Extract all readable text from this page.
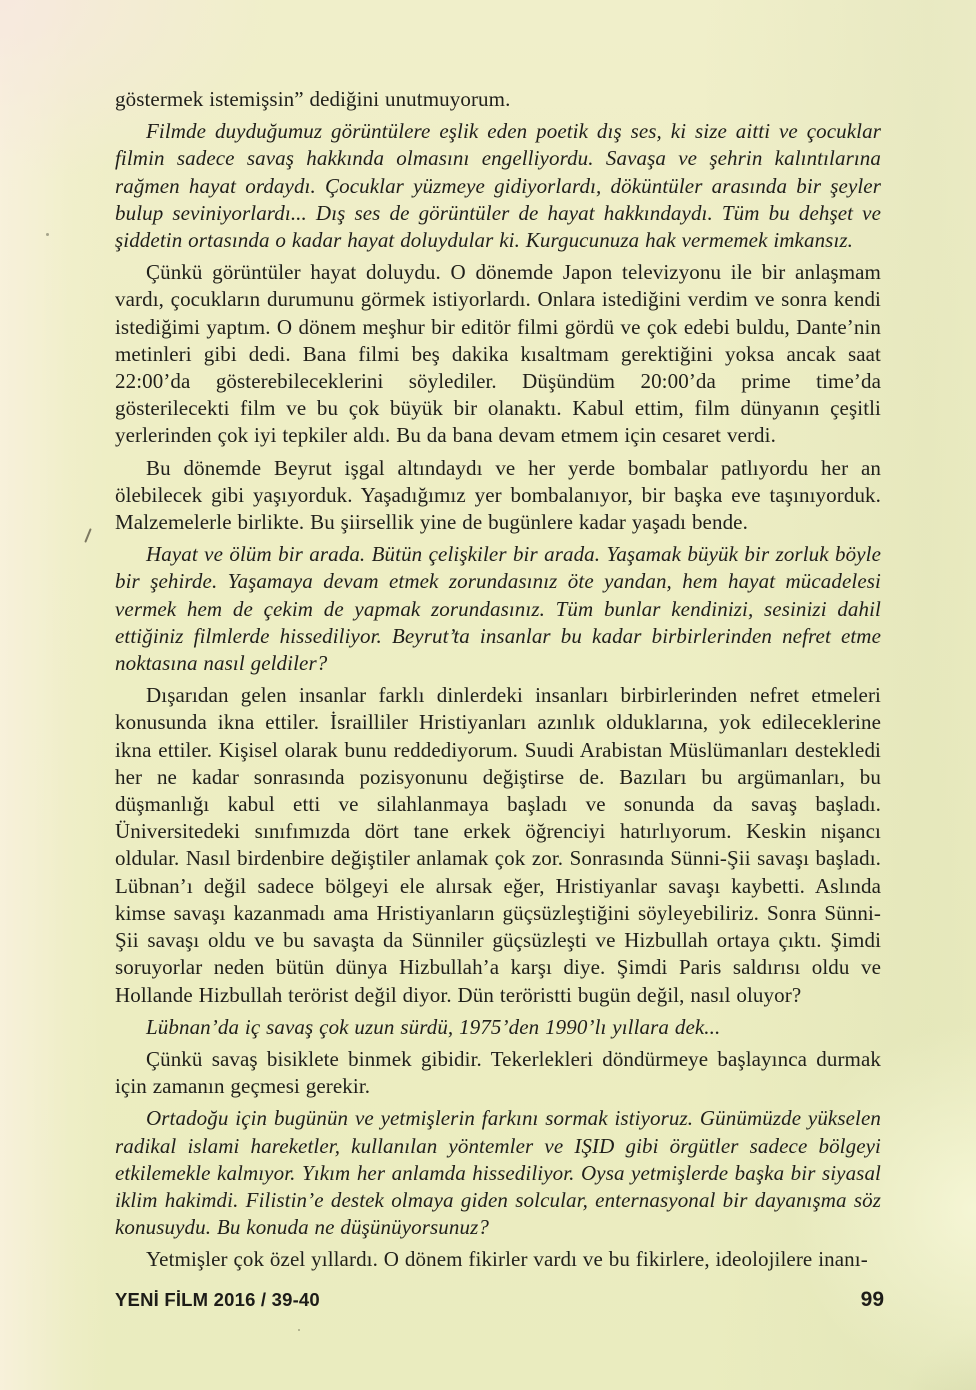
göstermek istemişsin” dediğini unutmuyorum.

Filmde duyduğumuz görüntülere eşlik eden poetik dış ses, ki size aitti ve çocuklar filmin sadece savaş hakkında olmasını engelliyordu. Savaşa ve şehrin kalıntılarına rağmen hayat ordaydı. Çocuklar yüzmeye gidiyorlardı, döküntüler arasında bir şeyler bulup seviniyorlardı... Dış ses de görüntüler de hayat hakkındaydı. Tüm bu dehşet ve şiddetin ortasında o kadar hayat doluydular ki. Kurgucunuza hak vermemek imkansız.

Çünkü görüntüler hayat doluydu. O dönemde Japon televizyonu ile bir anlaşmam vardı, çocukların durumunu görmek istiyorlardı. Onlara istediğini verdim ve sonra kendi istediğimi yaptım. O dönem meşhur bir editör filmi gördü ve çok edebi buldu, Dante’nin metinleri gibi dedi. Bana filmi beş dakika kısaltmam gerektiğini yoksa ancak saat 22:00’da gösterebileceklerini söylediler. Düşündüm 20:00’da prime time’da gösterilecekti film ve bu çok büyük bir olanaktı. Kabul ettim, film dünyanın çeşitli yerlerinden çok iyi tepkiler aldı. Bu da bana devam etmem için cesaret verdi.

Bu dönemde Beyrut işgal altındaydı ve her yerde bombalar patlıyordu her an ölebilecek gibi yaşıyorduk. Yaşadığımız yer bombalanıyor, bir başka eve taşınıyorduk. Malzemelerle birlikte. Bu şiirsellik yine de bugünlere kadar yaşadı bende.

Hayat ve ölüm bir arada. Bütün çelişkiler bir arada. Yaşamak büyük bir zorluk böyle bir şehirde. Yaşamaya devam etmek zorundasınız öte yandan, hem hayat mücadelesi vermek hem de çekim de yapmak zorundasınız. Tüm bunlar kendinizi, sesinizi dahil ettiğiniz filmlerde hissediliyor. Beyrut’ta insanlar bu kadar birbirlerinden nefret etme noktasına nasıl geldiler?

Dışarıdan gelen insanlar farklı dinlerdeki insanları birbirlerinden nefret etmeleri konusunda ikna ettiler. İsrailliler Hristiyanları azınlık olduklarına, yok edileceklerine ikna ettiler. Kişisel olarak bunu reddediyorum. Suudi Arabistan Müslümanları destekledi her ne kadar sonrasında pozisyonunu değiştirse de. Bazıları bu argümanları, bu düşmanlığı kabul etti ve silahlanmaya başladı ve sonunda da savaş başladı. Üniversitedeki sınıfımızda dört tane erkek öğrenciyi hatırlıyorum. Keskin nişancı oldular. Nasıl birdenbire değiştiler anlamak çok zor. Sonrasında Sünni-Şii savaşı başladı. Lübnan’ı değil sadece bölgeyi ele alırsak eğer, Hristiyanlar savaşı kaybetti. Aslında kimse savaşı kazanmadı ama Hristiyanların güçsüzleştiğini söyleyebiliriz. Sonra Sünni-Şii savaşı oldu ve bu savaşta da Sünniler güçsüzleşti ve Hizbullah ortaya çıktı. Şimdi soruyorlar neden bütün dünya Hizbullah’a karşı diye. Şimdi Paris saldırısı oldu ve Hollande Hizbullah terörist değil diyor. Dün teröristti bugün değil, nasıl oluyor?

Lübnan’da iç savaş çok uzun sürdü, 1975’den 1990’lı yıllara dek...

Çünkü savaş bisiklete binmek gibidir. Tekerlekleri döndürmeye başlayınca durmak için zamanın geçmesi gerekir.

Ortadoğu için bugünün ve yetmişlerin farkını sormak istiyoruz. Günümüzde yükselen radikal islami hareketler, kullanılan yöntemler ve IŞID gibi örgütler sadece bölgeyi etkilemekle kalmıyor. Yıkım her anlamda hissediliyor. Oysa yetmişlerde başka bir siyasal iklim hakimdi. Filistin’e destek olmaya giden solcular, enternasyonal bir dayanışma söz konusuydu. Bu konuda ne düşünüyorsunuz?

Yetmişler çok özel yıllardı. O dönem fikirler vardı ve bu fikirlere, ideolojilere inanı-

YENİ FİLM 2016 / 39-40	99
